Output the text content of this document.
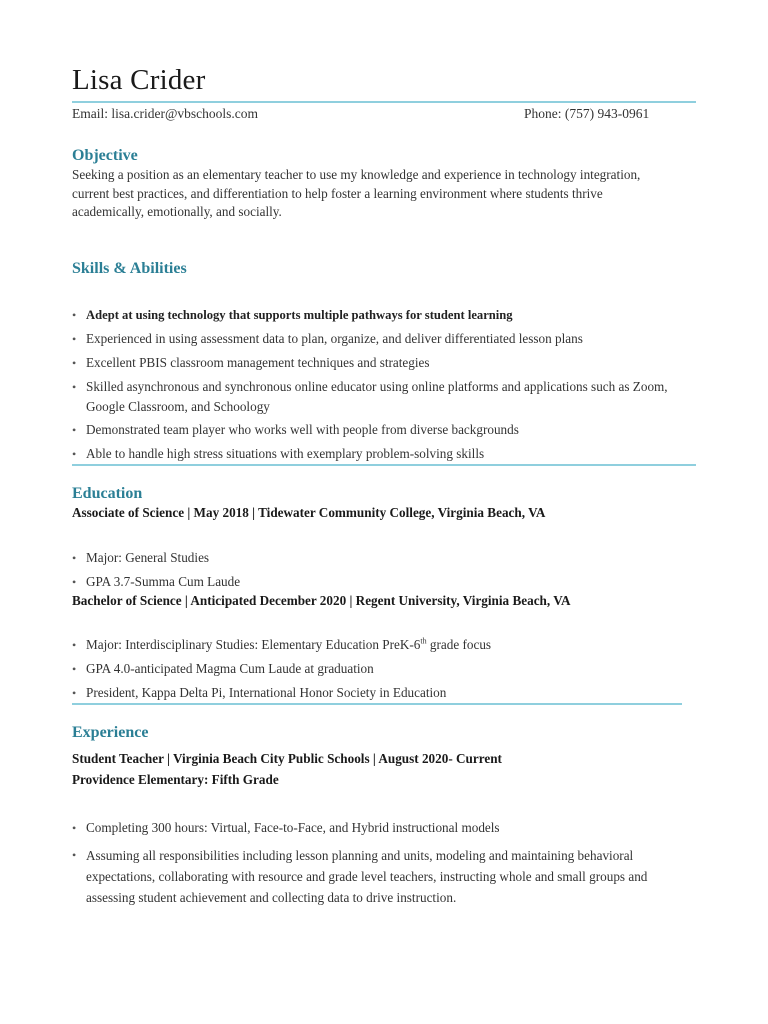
Lisa Crider
Email: lisa.crider@vbschools.com	Phone: (757) 943-0961
Objective

Seeking a position as an elementary teacher to use my knowledge and experience in technology integration, current best practices, and differentiation to help foster a learning environment where students thrive academically, emotionally, and socially.

Skills & Abilities
• Adept at using technology that supports multiple pathways for student learning
• Experienced in using assessment data to plan, organize, and deliver differentiated lesson plans
• Excellent PBIS classroom management techniques and strategies
• Skilled asynchronous and synchronous online educator using online platforms and applications such as Zoom, Google Classroom, and Schoology
• Demonstrated team player who works well with people from diverse backgrounds
• Able to handle high stress situations with exemplary problem-solving skills
Education

Associate of Science | May 2018 | Tidewater Community College, Virginia Beach, VA

• Major: General Studies
• GPA 3.7-Summa Cum Laude

Bachelor of Science | Anticipated December 2020 | Regent University, Virginia Beach, VA

• Major: Interdisciplinary Studies: Elementary Education PreK-6th grade focus
• GPA 4.0-anticipated Magma Cum Laude at graduation
• President, Kappa Delta Pi, International Honor Society in Education
Experience

Student Teacher | Virginia Beach City Public Schools | August 2020- Current

Providence Elementary: Fifth Grade

• Completing 300 hours: Virtual, Face-to-Face, and Hybrid instructional models
• Assuming all responsibilities including lesson planning and units, modeling and maintaining behavioral expectations, collaborating with resource and grade level teachers, instructing whole and small groups and assessing student achievement and collecting data to drive instruction.
